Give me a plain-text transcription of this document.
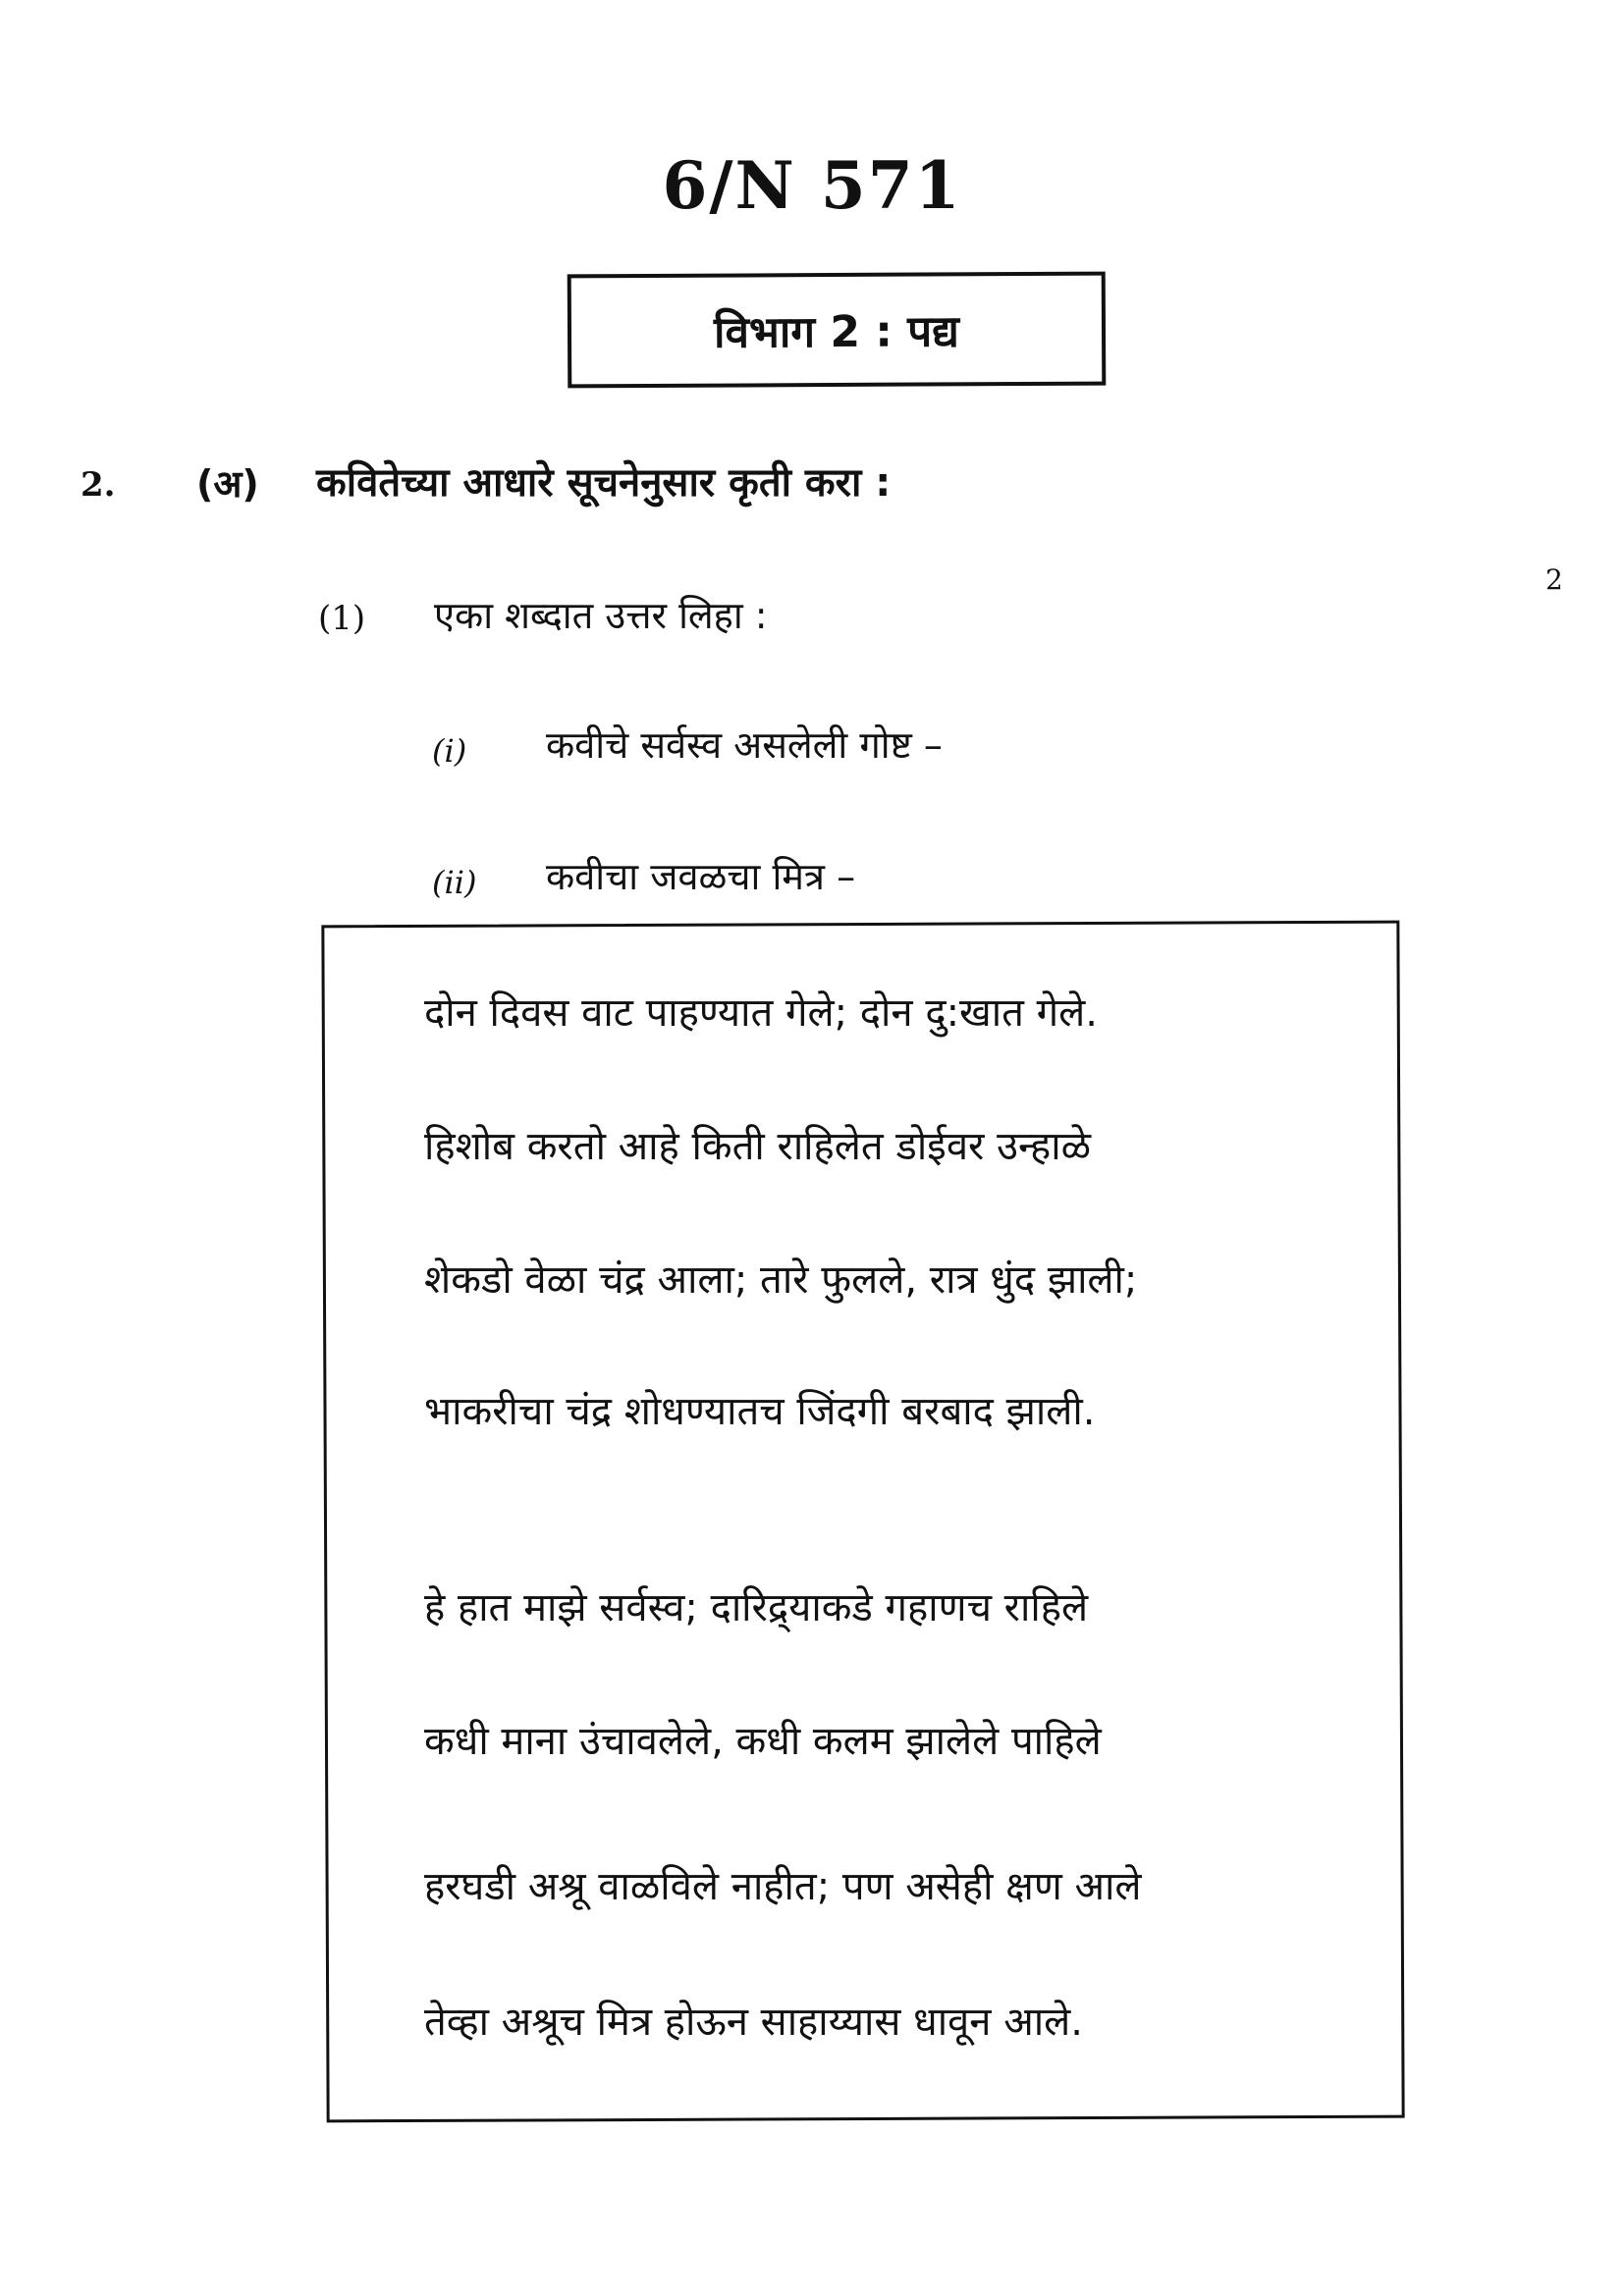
6/N 571
विभाग 2 : पद्य
2. (अ) कवितेच्या आधारे सूचनेनुसार कृती करा :
2
(1) एका शब्दात उत्तर लिहा :
(i) कवीचे सर्वस्व असलेली गोष्ट –
(ii) कवीचा जवळचा मित्र –
दोन दिवस वाट पाहण्यात गेले; दोन दु:खात गेले.
हिशोब करतो आहे किती राहिलेत डोईवर उन्हाळे
शेकडो वेळा चंद्र आला; तारे फुलले, रात्र धुंद झाली;
भाकरीचा चंद्र शोधण्यातच जिंदगी बरबाद झाली.
हे हात माझे सर्वस्व; दारिद्र्याकडे गहाणच राहिले
कधी माना उंचावलेले, कधी कलम झालेले पाहिले
हरघडी अश्रू वाळविले नाहीत; पण असेही क्षण आले
तेव्हा अश्रूच मित्र होऊन साहाय्यास धावून आले.
